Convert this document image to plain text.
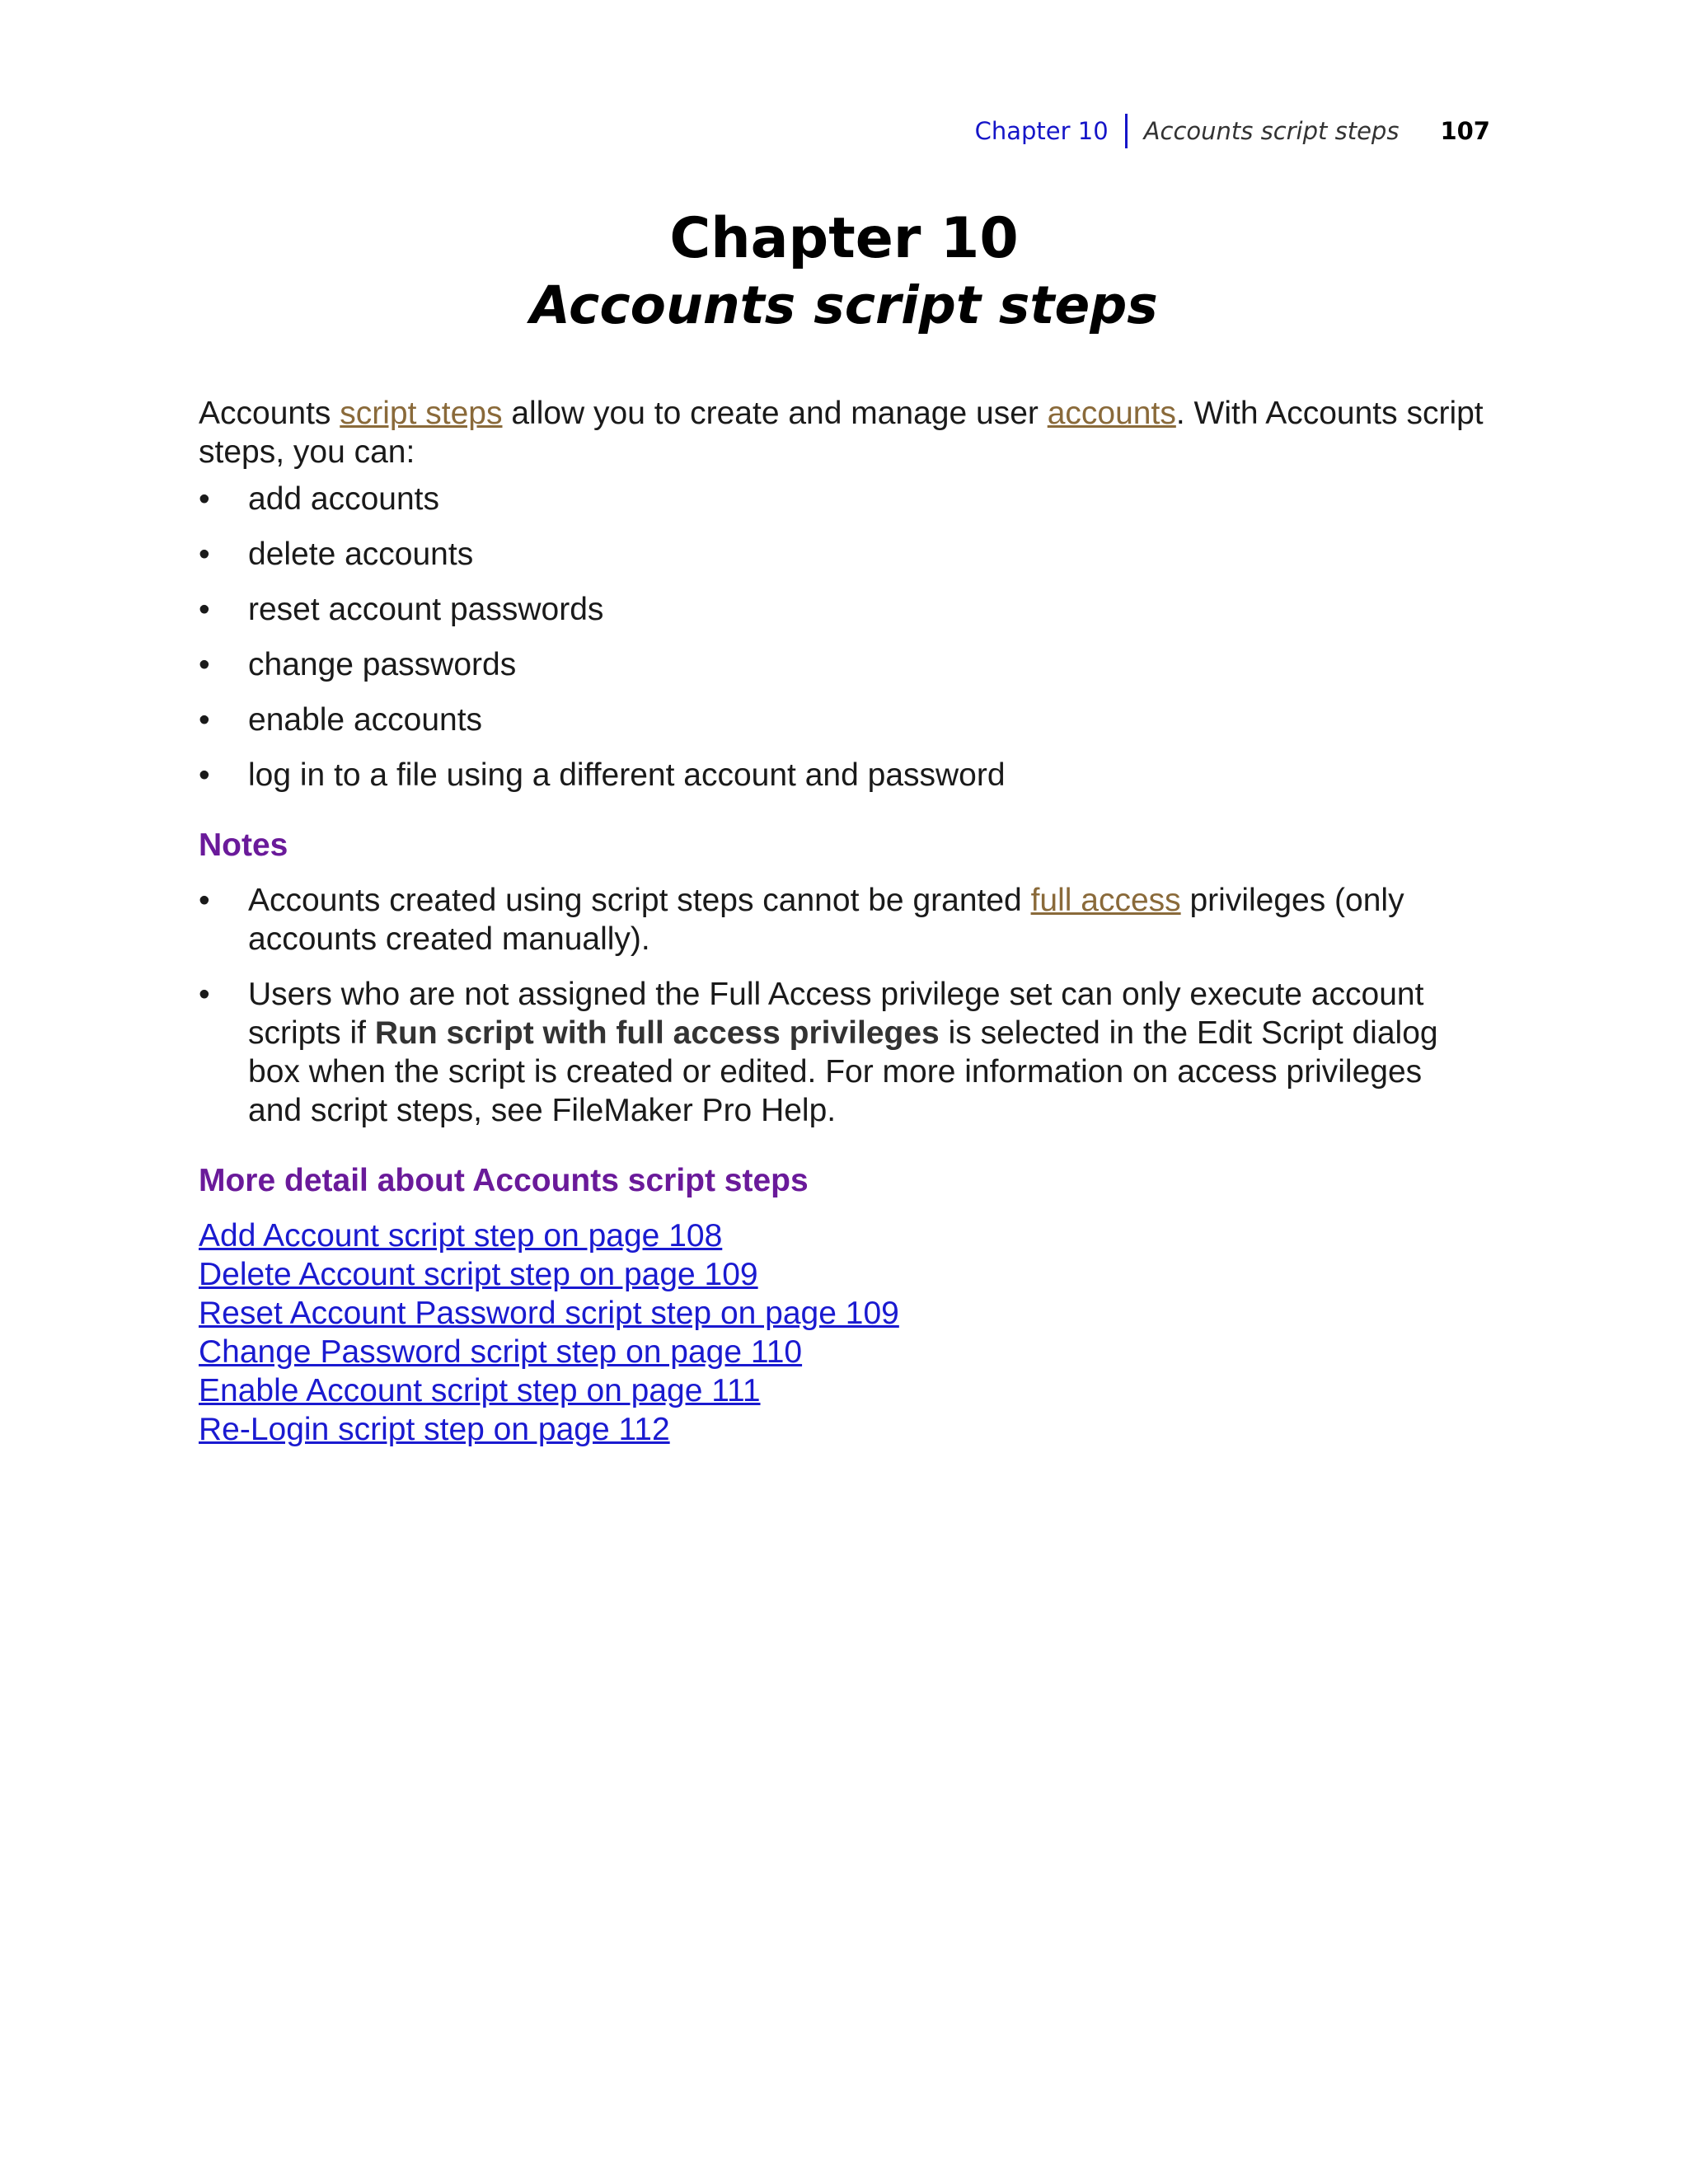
Chapter 10 Accounts script steps 107
Chapter 10
Accounts script steps

Accounts script steps allow you to create and manage user accounts. With Accounts script steps, you can:

• add accounts
• delete accounts
• reset account passwords
• change passwords
• enable accounts
• log in to a file using a different account and password
Notes
• Accounts created using script steps cannot be granted full access privileges (only accounts created manually).
• Users who are not assigned the Full Access privilege set can only execute account scripts if Run script with full access privileges is selected in the Edit Script dialog box when the script is created or edited. For more information on access privileges and script steps, see FileMaker Pro Help.
More detail about Accounts script steps
Add Account script step on page 108
Delete Account script step on page 109
Reset Account Password script step on page 109
Change Password script step on page 110
Enable Account script step on page 111
Re-Login script step on page 112
